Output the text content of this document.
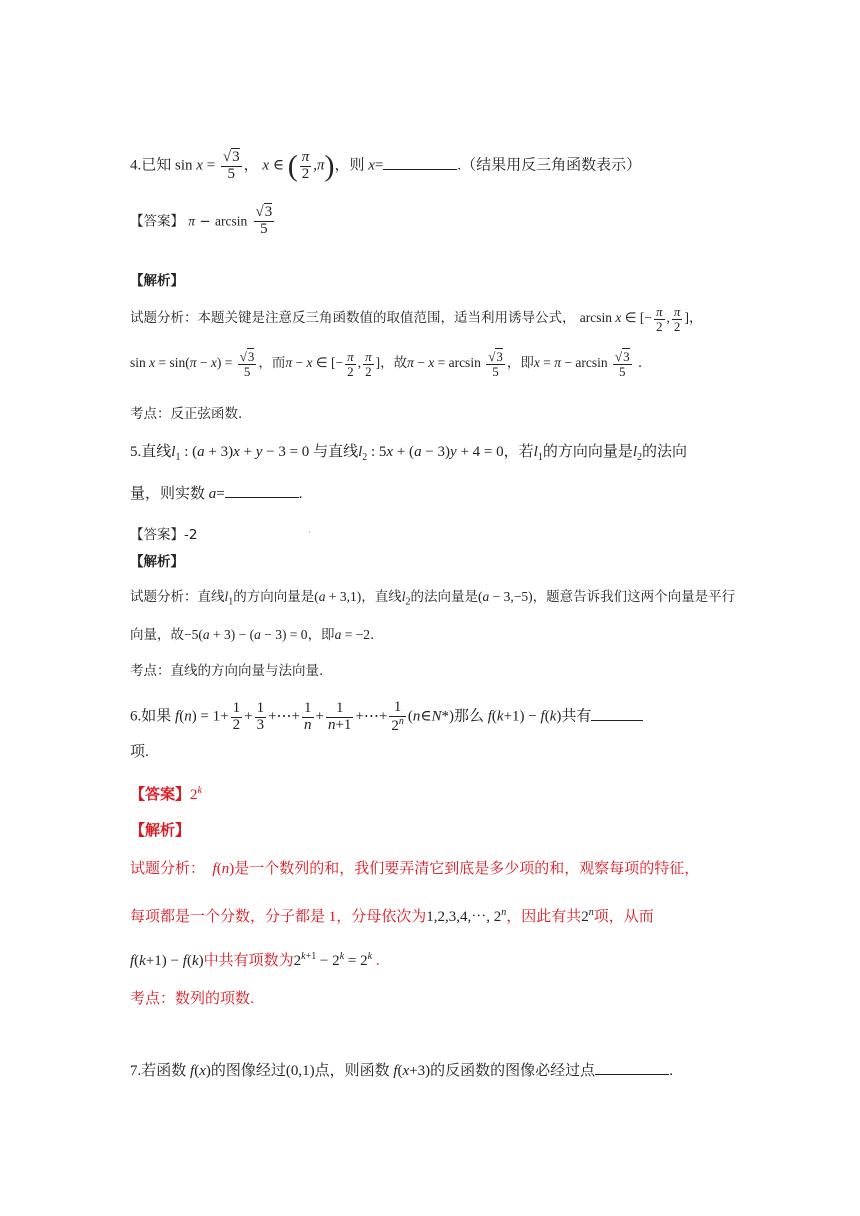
4.已知 $\sin x = \frac{√3}{5}$ ， x ∈ ( $\frac{\pi}{2} ,\pi$)，则 x=	.（结果用反三角函数表示）
【答案】 $\pi - \arcsin \frac{√3}{5}$
【解析】
试题分析：本题关键是注意反三角函数值的取值范围，适当利用诱导公式， arcsin x ∈ [− $\frac{\pi}{2}$ , $\frac{\pi}{2}$ ]，
$\sin x = \sin(\pi - x) = \frac{√3}{5}$ ，而π − x ∈ [− $\frac{\pi}{2}$ , $\frac{\pi}{2}$ ]，故$\pi - x = \arcsin \frac{√3}{5}$ ，即$x = \pi - \arcsin \frac{√3}{5}$ .
考点：反正弦函数.
5.直线$l_1$ : (a + 3)x + y − 3 = 0 与直线$l_2$ : 5x + (a − 3)y + 4 = 0，若$l_1$的方向向量是$l_2$的法向
量，则实数 a=	.
【答案】-2	·
【解析】
试题分析：直线$l_1$的方向向量是(a + 3,1)，直线$l_2$的法向量是(a − 3,−5)，题意告诉我们这两个向量是平行
向量，故−5(a + 3) − (a − 3) = 0，即a = −2.
考点：直线的方向向量与法向量.
6.如果 $f(n) = 1+ \frac{1}{2} + \frac{1}{3}$ +⋯+ $\frac{1}{n} + \frac{1}{n+1}$ +⋯+ $\frac{1}{2^n}$ (n∈N*)那么 f(k+1) − f(k)共有
项.
【答案】2$^k$
【解析】
试题分析： f(n)是一个数列的和，我们要弄清它到底是多少项的和，观察每项的特征，
每项都是一个分数，分子都是 1，分母依次为1,2,3,4,⋯, 2$^n$，因此有共2$^n$项，从而
f(k+1) − f(k)中共有项数为$2^{k+1} - 2^k = 2^k$ .
考点：数列的项数.
7.若函数 f(x)的图像经过(0,1)点，则函数 f(x+3)的反函数的图像必经过点	.
